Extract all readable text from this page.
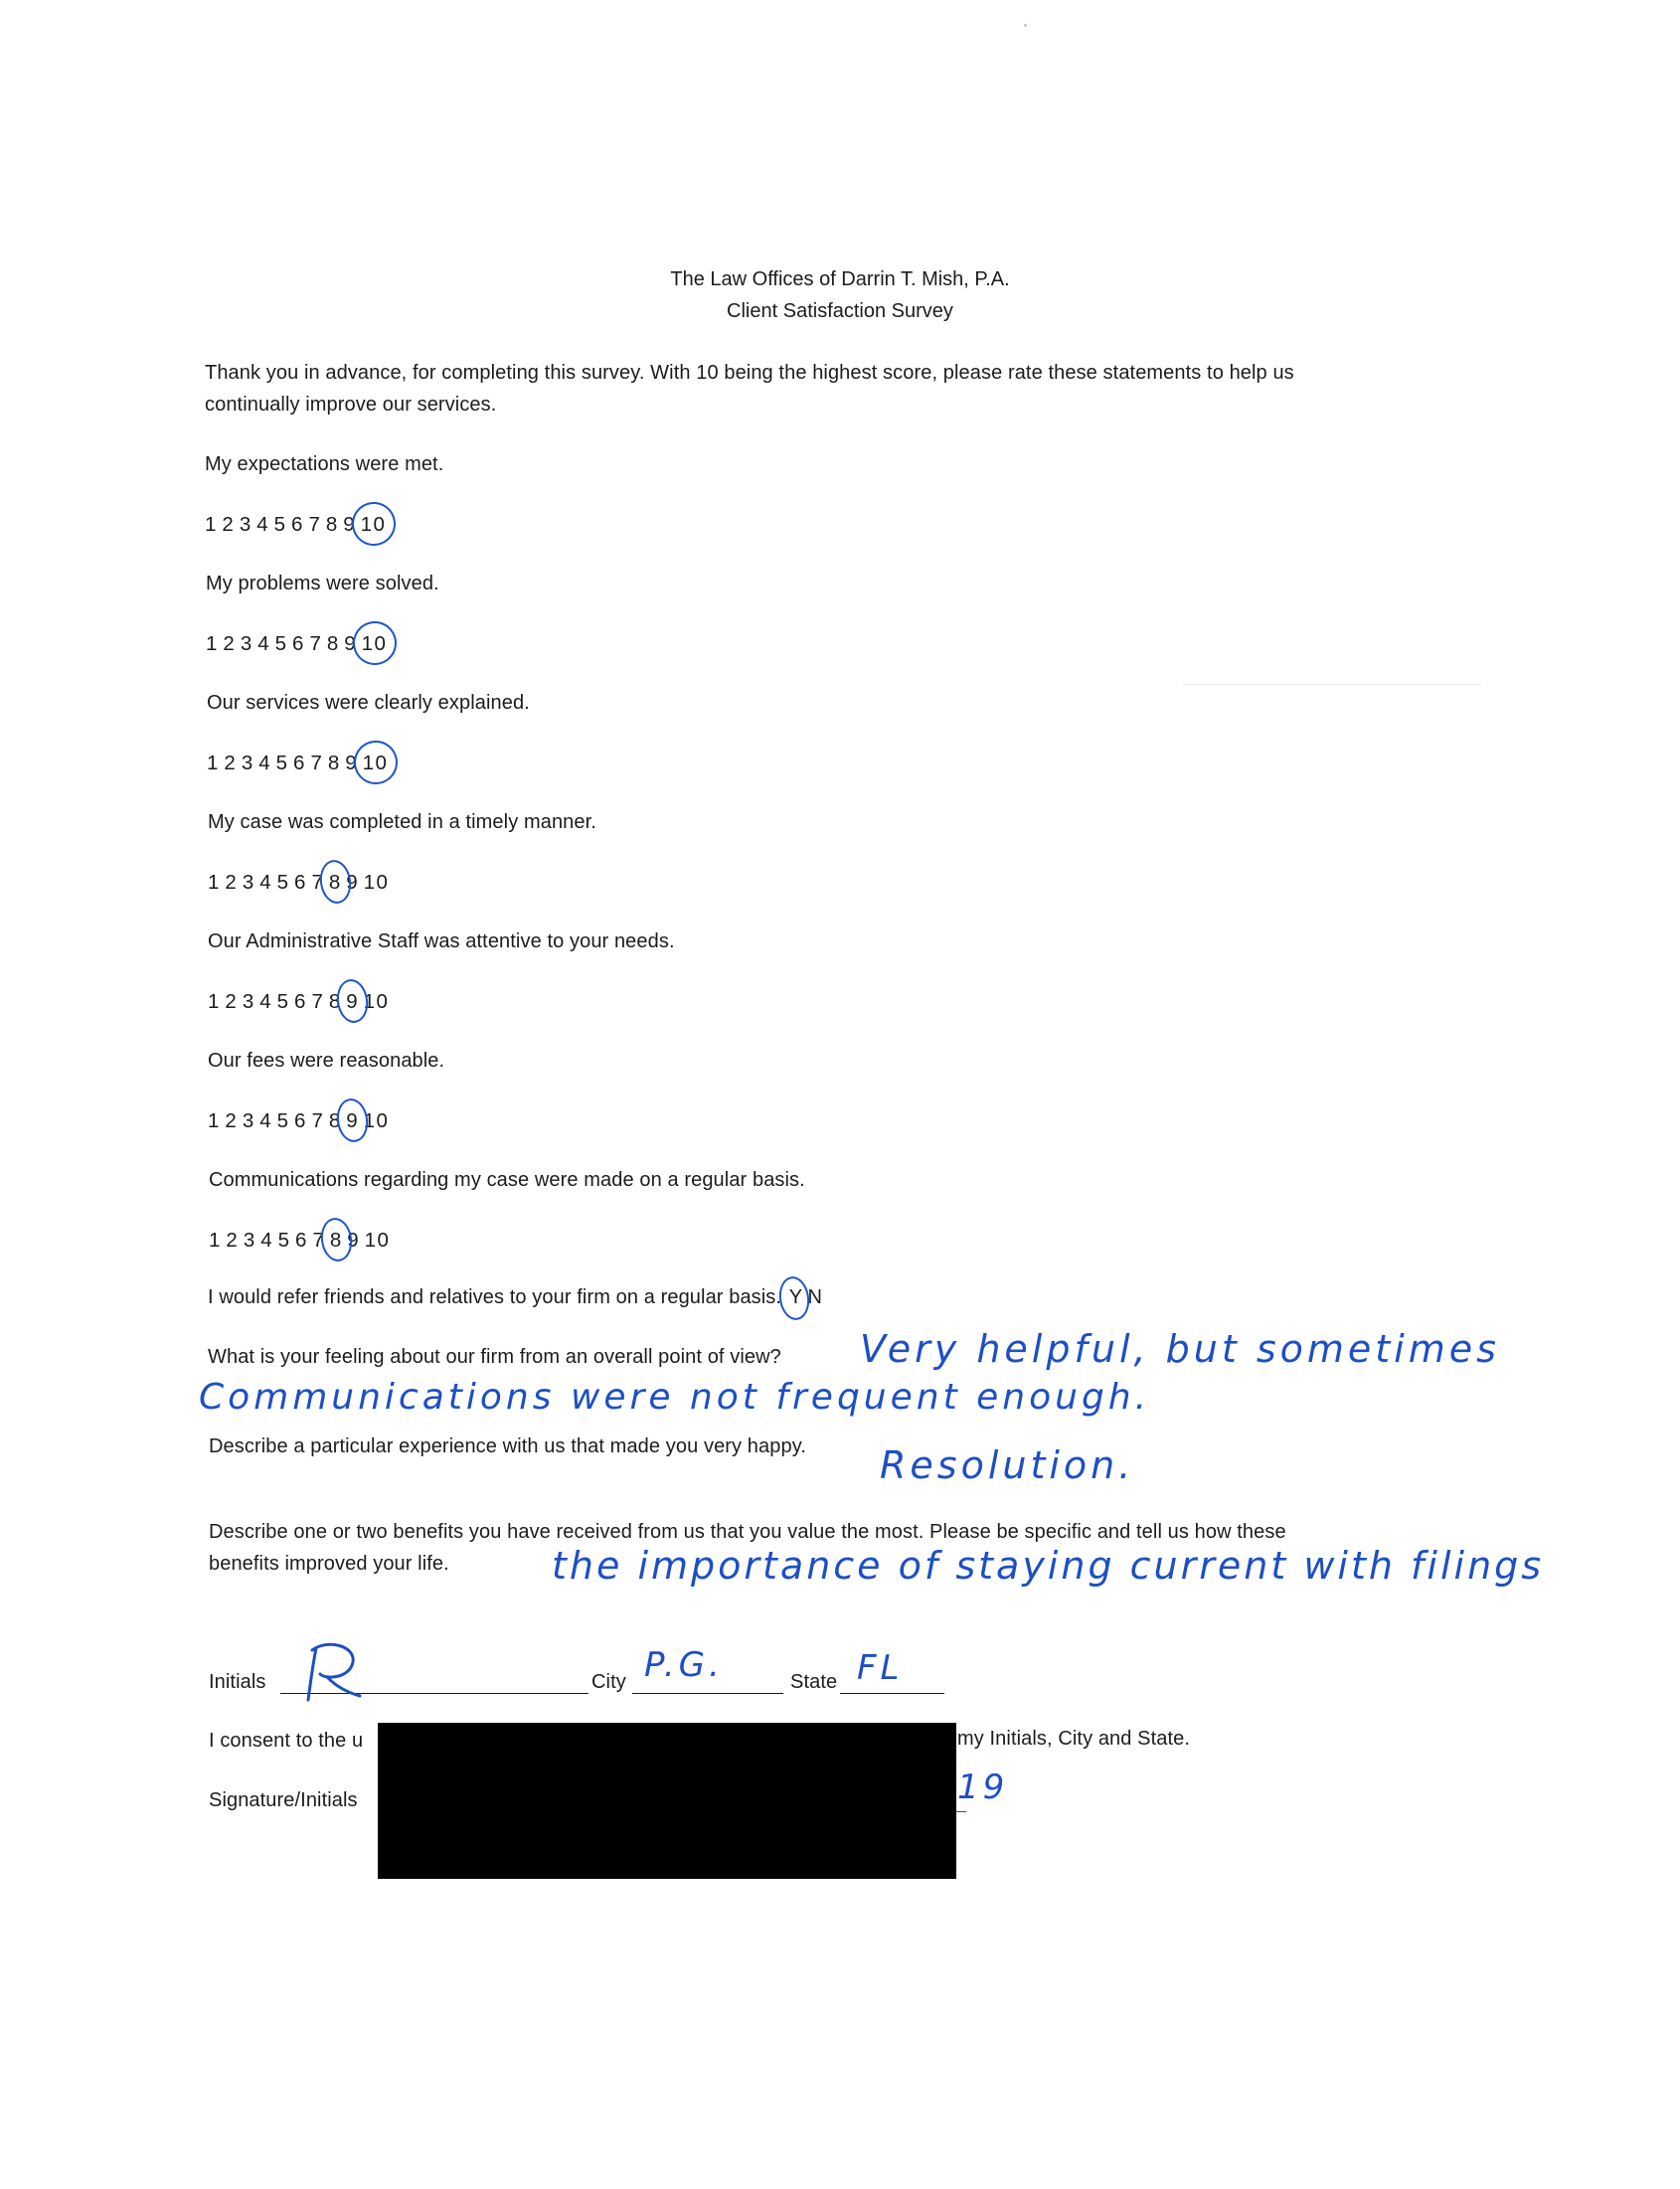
The Law Offices of Darrin T. Mish, P.A.
Client Satisfaction Survey
Thank you in advance, for completing this survey. With 10 being the highest score, please rate these statements to help us
continually improve our services.
My expectations were met.
1 2 3 4 5 6 7 8 9 10
My problems were solved.
1 2 3 4 5 6 7 8 9 10
Our services were clearly explained.
1 2 3 4 5 6 7 8 9 10
My case was completed in a timely manner.
1 2 3 4 5 6 7 8 9 10
Our Administrative Staff was attentive to your needs.
1 2 3 4 5 6 7 8 9 10
Our fees were reasonable.
1 2 3 4 5 6 7 8 9 10
Communications regarding my case were made on a regular basis.
1 2 3 4 5 6 7 8 9 10
I would refer friends and relatives to your firm on a regular basis. Y N
What is your feeling about our firm from an overall point of view? Very helpful, but sometimes
Communications were not frequent enough.
Describe a particular experience with us that made you very happy. Resolution.
Describe one or two benefits you have received from us that you value the most. Please be specific and tell us how these
benefits improved your life.	the importance of staying current with filings
Initials	City P.G.	State FL
I consent to the u	my Initials, City and State.
Signature/Initials	19
